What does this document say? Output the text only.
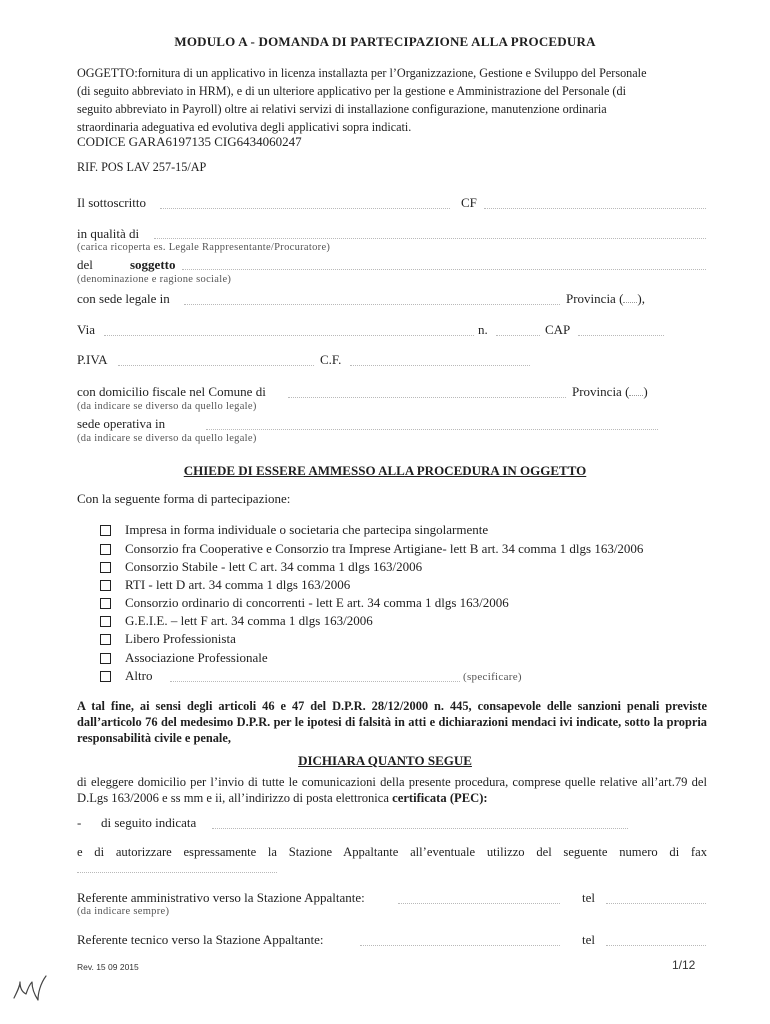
MODULO A - DOMANDA DI PARTECIPAZIONE ALLA PROCEDURA
OGGETTO:fornitura di un applicativo in licenza installazta per l’Organizzazione, Gestione e Sviluppo del Personale
(di seguito abbreviato in HRM), e di un ulteriore applicativo per la gestione e Amministrazione del Personale (di
seguito abbreviato in Payroll) oltre ai relativi servizi di installazione configurazione, manutenzione ordinaria
straordinaria adeguativa ed evolutiva degli applicativi sopra indicati.
CODICE GARA6197135 CIG6434060247
RIF. POS LAV 257-15/AP
Il sottoscritto	CF
in qualità di
(carica ricoperta es. Legale Rappresentante/Procuratore)
del	soggetto
(denominazione e ragione sociale)
con sede legale in	Provincia ( ),
Via	n.	CAP
P.IVA	C.F.
con domicilio fiscale nel Comune di	Provincia ( )
(da indicare se diverso da quello legale)
sede operativa in
(da indicare se diverso da quello legale)
CHIEDE DI ESSERE AMMESSO ALLA PROCEDURA IN OGGETTO
Con la seguente forma di partecipazione:
Impresa in forma individuale o societaria che partecipa singolarmente
Consorzio fra Cooperative e Consorzio tra Imprese Artigiane- lett B art. 34 comma 1 dlgs 163/2006
Consorzio Stabile - lett C art. 34 comma 1 dlgs 163/2006
RTI - lett D art. 34 comma 1 dlgs 163/2006
Consorzio ordinario di concorrenti - lett E art. 34 comma 1 dlgs 163/2006
G.E.I.E. – lett F art. 34 comma 1 dlgs 163/2006
Libero Professionista
Associazione Professionale
Altro	(specificare)
A tal fine, ai sensi degli articoli 46 e 47 del D.P.R. 28/12/2000 n. 445, consapevole delle sanzioni penali previste dall’articolo 76 del medesimo D.P.R. per le ipotesi di falsità in atti e dichiarazioni mendaci ivi indicate, sotto la propria responsabilità civile e penale,
DICHIARA QUANTO SEGUE
di eleggere domicilio per l’invio di tutte le comunicazioni della presente procedura, comprese quelle relative all’art.79 del D.Lgs 163/2006 e ss mm e ii, all’indirizzo di posta elettronica certificata (PEC):
- di seguito indicata
e di autorizzare espressamente la Stazione Appaltante all’eventuale utilizzo del seguente numero di fax
Referente amministrativo verso la Stazione Appaltante:	tel
(da indicare sempre)
Referente tecnico verso la Stazione Appaltante:	tel
Rev. 15 09 2015	1/12
